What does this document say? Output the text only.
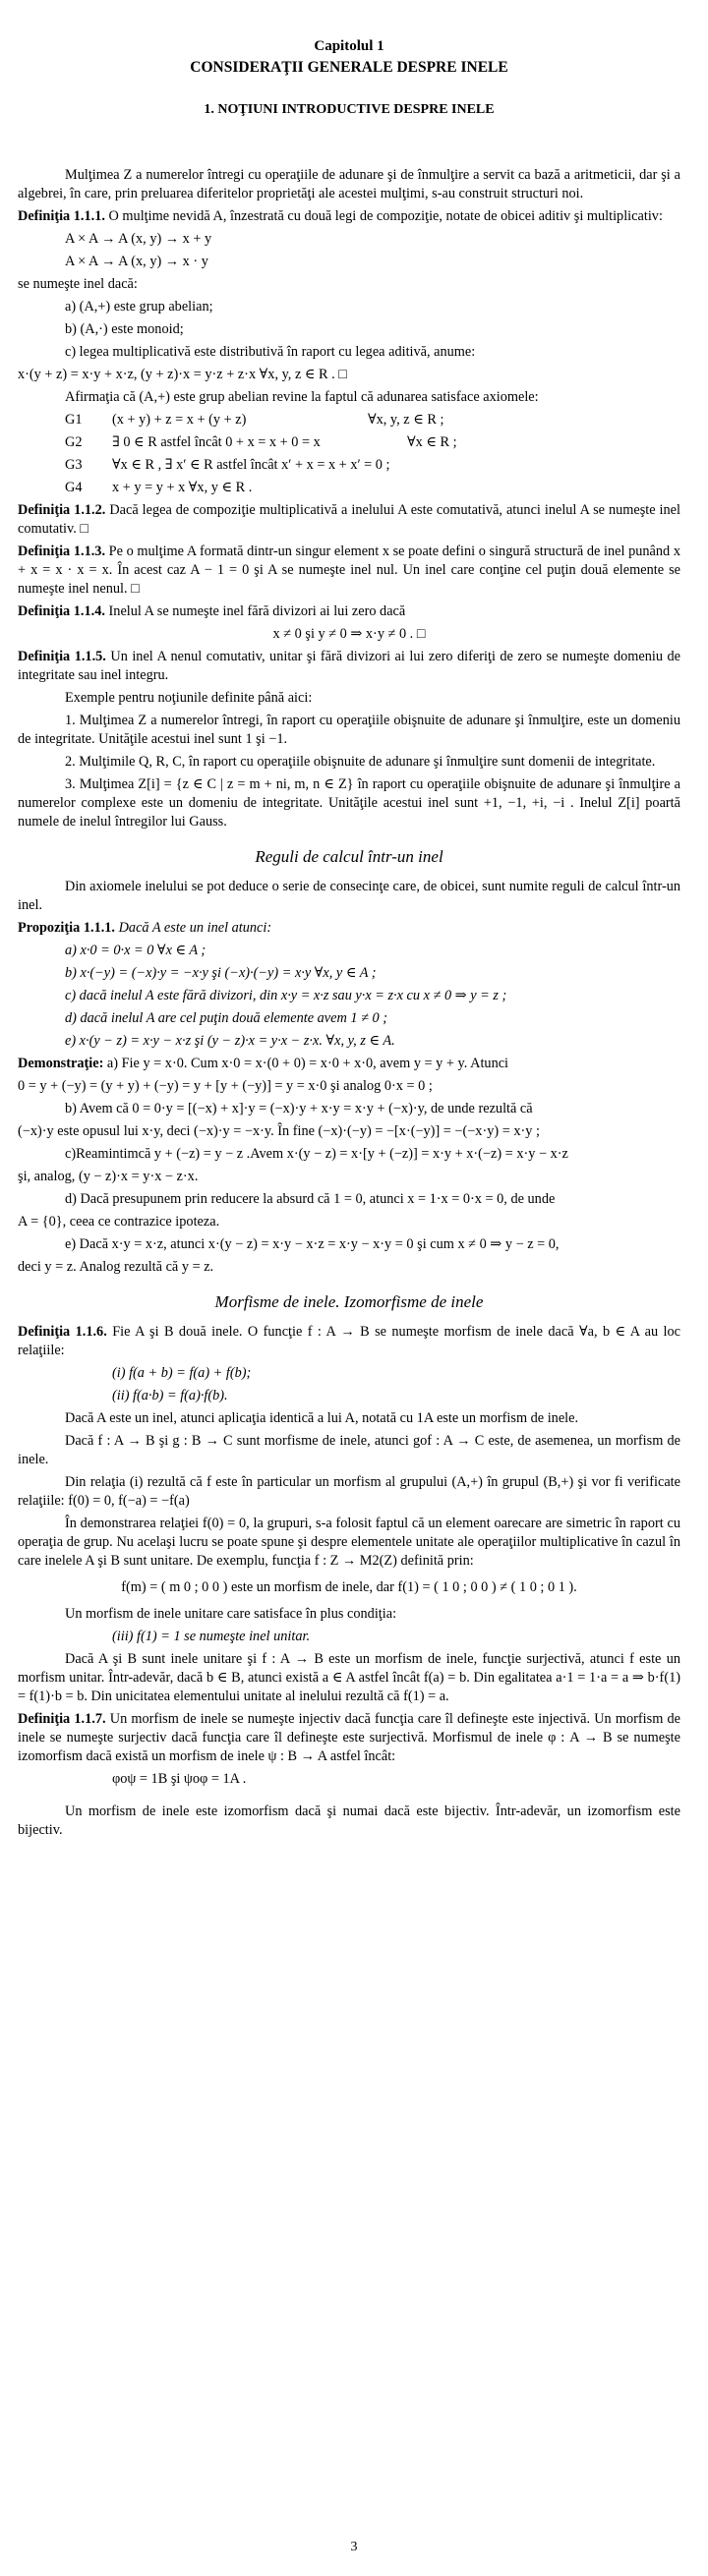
Capitolul 1
CONSIDERAŢII GENERALE DESPRE INELE
1. NOŢIUNI INTRODUCTIVE DESPRE INELE

Mulţimea Z a numerelor întregi cu operaţiile de adunare şi de înmulţire a servit ca bază a aritmeticii, dar şi a algebrei, în care, prin preluarea diferitelor proprietăţi ale acestei mulţimi, s-au construit structuri noi.

Definiţia 1.1.1. O mulţime nevidă A, înzestrată cu două legi de compoziţie, notate de obicei aditiv şi multiplicativ:

A × A → A (x, y) → x + y

A × A → A (x, y) → x · y

se numeşte inel dacă:

a) (A,+) este grup abelian;

b) (A,·) este monoid;

c) legea multiplicativă este distributivă în raport cu legea aditivă, anume:

x·(y + z) = x·y + x·z, (y + z)·x = y·z + z·x ∀x, y, z ∈ R . □

Afirmaţia că (A,+) este grup abelian revine la faptul că adunarea satisface axiomele:

G1	(x + y) + z = x + (y + z)	∀x, y, z ∈ R ;
G2	∃ 0 ∈ R astfel încât 0 + x = x + 0 = x	∀x ∈ R ;
G3	∀x ∈ R , ∃ x′ ∈ R astfel încât x′ + x = x + x′ = 0 ;
G4	x + y = y + x ∀x, y ∈ R .

Definiţia 1.1.2. Dacă legea de compoziţie multiplicativă a inelului A este comutativă, atunci inelul A se numeşte inel comutativ. □

Definiţia 1.1.3. Pe o mulţime A formată dintr-un singur element x se poate defini o singură structură de inel punând x + x = x · x = x. În acest caz A − 1 = 0 şi A se numeşte inel nul. Un inel care conţine cel puţin două elemente se numeşte inel nenul. □

Definiţia 1.1.4. Inelul A se numeşte inel fără divizori ai lui zero dacă

x ≠ 0 şi y ≠ 0 ⇒ x·y ≠ 0 . □

Definiţia 1.1.5. Un inel A nenul comutativ, unitar şi fără divizori ai lui zero diferiţi de zero se numeşte domeniu de integritate sau inel integru.

Exemple pentru noţiunile definite până aici:

1. Mulţimea Z a numerelor întregi, în raport cu operaţiile obişnuite de adunare şi înmulţire, este un domeniu de integritate. Unităţile acestui inel sunt 1 şi −1.

2. Mulţimile Q, R, C, în raport cu operaţiile obişnuite de adunare şi înmulţire sunt domenii de integritate.

3. Mulţimea Z[i] = {z ∈ C | z = m + ni, m, n ∈ Z} în raport cu operaţiile obişnuite de adunare şi înmulţire a numerelor complexe este un domeniu de integritate. Unităţile acestui inel sunt +1, −1, +i, −i . Inelul Z[i] poartă numele de inelul întregilor lui Gauss.

Reguli de calcul într-un inel

Din axiomele inelului se pot deduce o serie de consecinţe care, de obicei, sunt numite reguli de calcul într-un inel.

Propoziţia 1.1.1. Dacă A este un inel atunci:

a) x·0 = 0·x = 0 ∀x ∈ A ;

b) x·(−y) = (−x)·y = −x·y şi (−x)·(−y) = x·y ∀x, y ∈ A ;

c) dacă inelul A este fără divizori, din x·y = x·z sau y·x = z·x cu x ≠ 0 ⇒ y = z ;

d) dacă inelul A are cel puţin două elemente avem 1 ≠ 0 ;

e) x·(y − z) = x·y − x·z şi (y − z)·x = y·x − z·x. ∀x, y, z ∈ A.

Demonstraţie: a) Fie y = x·0. Cum x·0 = x·(0 + 0) = x·0 + x·0, avem y = y + y. Atunci

0 = y + (−y) = (y + y) + (−y) = y + [y + (−y)] = y = x·0 şi analog 0·x = 0 ;

b) Avem că 0 = 0·y = [(−x) + x]·y = (−x)·y + x·y = x·y + (−x)·y, de unde rezultă că

(−x)·y este opusul lui x·y, deci (−x)·y = −x·y. În fine (−x)·(−y) = −[x·(−y)] = −(−x·y) = x·y ;

c)Reamintimcă y + (−z) = y − z .Avem x·(y − z) = x·[y + (−z)] = x·y + x·(−z) = x·y − x·z

şi, analog, (y − z)·x = y·x − z·x.

d) Dacă presupunem prin reducere la absurd că 1 = 0, atunci x = 1·x = 0·x = 0, de unde

A = {0}, ceea ce contrazice ipoteza.

e) Dacă x·y = x·z, atunci x·(y − z) = x·y − x·z = x·y − x·y = 0 şi cum x ≠ 0 ⇒ y − z = 0,

deci y = z. Analog rezultă că y = z.

Morfisme de inele. Izomorfisme de inele

Definiţia 1.1.6. Fie A şi B două inele. O funcţie f : A → B se numeşte morfism de inele dacă ∀a, b ∈ A au loc relaţiile:

(i) f(a + b) = f(a) + f(b);

(ii) f(a·b) = f(a)·f(b).

Dacă A este un inel, atunci aplicaţia identică a lui A, notată cu 1A este un morfism de inele.

Dacă f : A → B şi g : B → C sunt morfisme de inele, atunci gof : A → C este, de asemenea, un morfism de inele.

Din relaţia (i) rezultă că f este în particular un morfism al grupului (A,+) în grupul (B,+) şi vor fi verificate relaţiile: f(0) = 0, f(−a) = −f(a)

În demonstrarea relaţiei f(0) = 0, la grupuri, s-a folosit faptul că un element oarecare are simetric în raport cu operaţia de grup. Nu acelaşi lucru se poate spune şi despre elementele unitate ale operaţiilor multiplicative în cazul în care inelele A şi B sunt unitare. De exemplu, funcţia f : Z → M2(Z) definită prin:

f(m) = ( m 0 ; 0 0 ) este un morfism de inele, dar f(1) = ( 1 0 ; 0 0 ) ≠ ( 1 0 ; 0 1 ).

Un morfism de inele unitare care satisface în plus condiţia:

(iii) f(1) = 1 se numeşte inel unitar.

Dacă A şi B sunt inele unitare şi f : A → B este un morfism de inele, funcţie surjectivă, atunci f este un morfism unitar. Într-adevăr, dacă b ∈ B, atunci există a ∈ A astfel încât f(a) = b. Din egalitatea a·1 = 1·a = a ⇒ b·f(1) = f(1)·b = b. Din unicitatea elementului unitate al inelului rezultă că f(1) = a.

Definiţia 1.1.7. Un morfism de inele se numeşte injectiv dacă funcţia care îl defineşte este injectivă. Un morfism de inele se numeşte surjectiv dacă funcţia care îl defineşte este surjectivă. Morfismul de inele φ : A → B se numeşte izomorfism dacă există un morfism de inele ψ : B → A astfel încât:

φoψ = 1B şi ψoφ = 1A .

Un morfism de inele este izomorfism dacă şi numai dacă este bijectiv. Într-adevăr, un izomorfism este bijectiv.

3
